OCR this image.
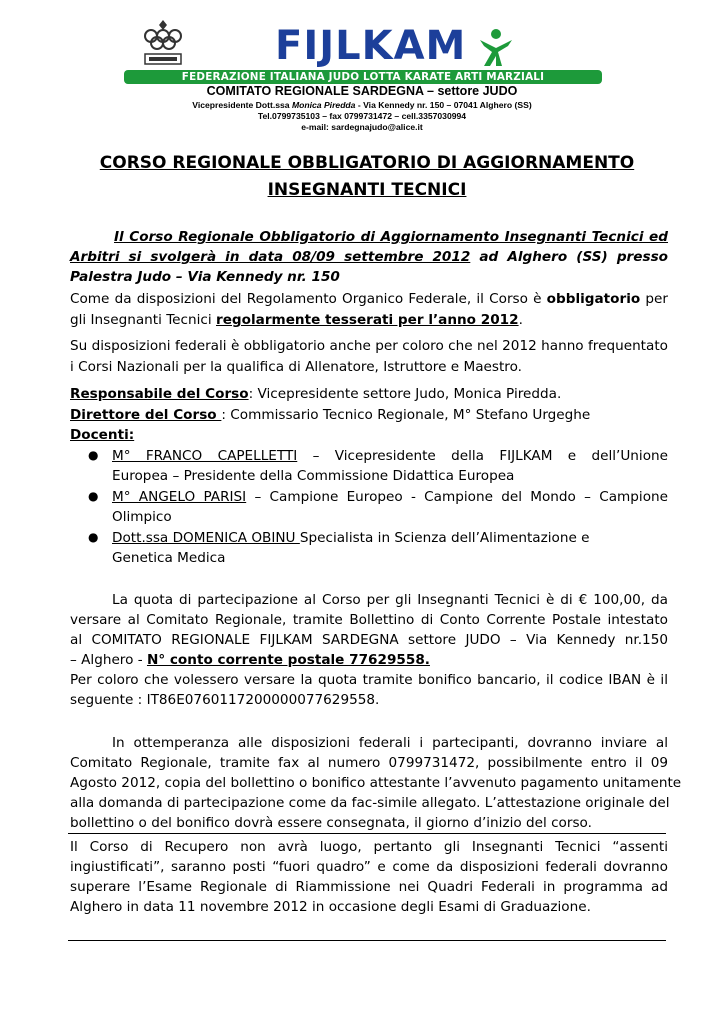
FIJLKAM
FEDERAZIONE ITALIANA JUDO LOTTA KARATE ARTI MARZIALI
COMITATO REGIONALE SARDEGNA – settore JUDO
Vicepresidente Dott.ssa Monica Piredda - Via Kennedy nr. 150 – 07041 Alghero (SS)
Tel.0799735103 – fax 0799731472 – cell.3357030994
e-mail: sardegnajudo@alice.it
CORSO REGIONALE OBBLIGATORIO DI AGGIORNAMENTO
INSEGNANTI TECNICI
Il Corso Regionale Obbligatorio di Aggiornamento Insegnanti Tecnici ed
Arbitri si svolgerà in data 08/09 settembre 2012 ad Alghero (SS) presso
Palestra Judo – Via Kennedy nr. 150
Come da disposizioni del Regolamento Organico Federale, il Corso è obbligatorio per
gli Insegnanti Tecnici regolarmente tesserati per l’anno 2012.
Su disposizioni federali è obbligatorio anche per coloro che nel 2012 hanno frequentato
i Corsi Nazionali per la qualifica di Allenatore, Istruttore e Maestro.
Responsabile del Corso: Vicepresidente settore Judo, Monica Piredda.
Direttore del Corso : Commissario Tecnico Regionale, M° Stefano Urgeghe
Docenti:
● M° FRANCO CAPELLETTI – Vicepresidente della FIJLKAM e dell’Unione
Europea – Presidente della Commissione Didattica Europea
● M° ANGELO PARISI – Campione Europeo - Campione del Mondo – Campione
Olimpico
● Dott.ssa DOMENICA OBINU Specialista in Scienza dell’Alimentazione e
Genetica Medica
La quota di partecipazione al Corso per gli Insegnanti Tecnici è di € 100,00, da
versare al Comitato Regionale, tramite Bollettino di Conto Corrente Postale intestato
al COMITATO REGIONALE FIJLKAM SARDEGNA settore JUDO – Via Kennedy nr.150
– Alghero - N° conto corrente postale 77629558.
Per coloro che volessero versare la quota tramite bonifico bancario, il codice IBAN è il
seguente : IT86E0760117200000077629558.
In ottemperanza alle disposizioni federali i partecipanti, dovranno inviare al
Comitato Regionale, tramite fax al numero 0799731472, possibilmente entro il 09
Agosto 2012, copia del bollettino o bonifico attestante l’avvenuto pagamento unitamente
alla domanda di partecipazione come da fac-simile allegato. L’attestazione originale del
bollettino o del bonifico dovrà essere consegnata, il giorno d’inizio del corso.
Il Corso di Recupero non avrà luogo, pertanto gli Insegnanti Tecnici “assenti
ingiustificati”, saranno posti “fuori quadro” e come da disposizioni federali dovranno
superare l’Esame Regionale di Riammissione nei Quadri Federali in programma ad
Alghero in data 11 novembre 2012 in occasione degli Esami di Graduazione.
